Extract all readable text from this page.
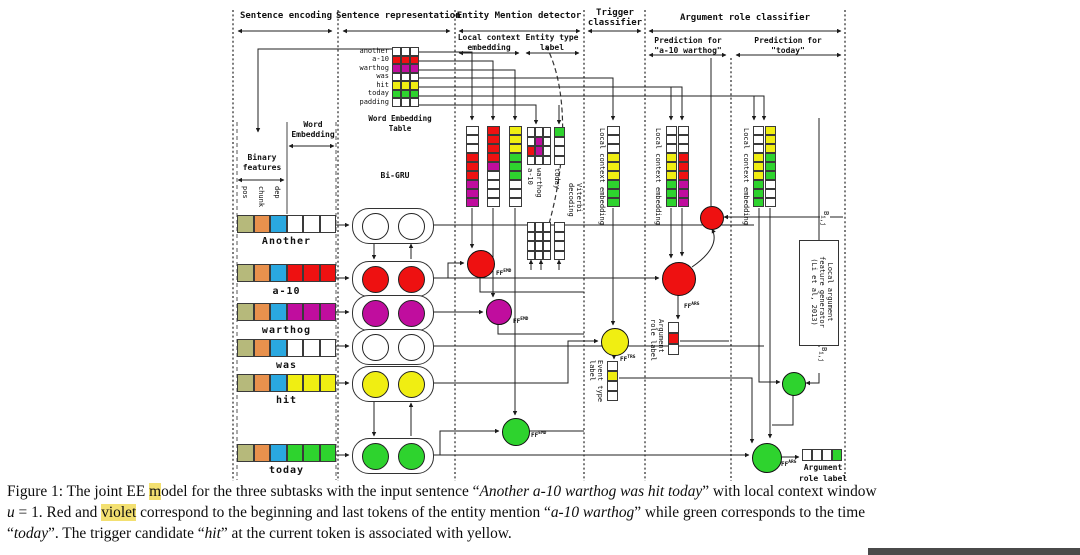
Sentence encoding Sentence representation
Entity Mention detector	Trigger
classifier	Argument role classifier
Local context
embedding
Entity type
label
Prediction for
"a-10 warthog"
Prediction for
"today"
Word
Embedding
Binary
features
pos chunk dep
Another
a-10
warthog
was
hit
today
another
a-10
warthog
was
hit
today
padding
Word Embedding
Table
Bi-GRU	a-10 warthog today
Viterbi
decoding
$FF^{EMD}$
$FF^{EMD}$
$FF^{EMD}$
Local context embedding
$FF^{TRG}$
Event type
label
Local context embedding
$FF^{ARG}$
Argument
role label
Local context embedding	$B_{i,j}$
Local argument
feature generator
(Li et al, 2013)
$B_{i,j}$
$FF^{ARG}$
Argument
role label
Figure 1: The joint EE model for the three subtasks with the input sentence “Another a-10 warthog was hit today” with local context window
u = 1. Red and violet correspond to the beginning and last tokens of the entity mention “a-10 warthog” while green corresponds to the time
“today”. The trigger candidate “hit” at the current token is associated with yellow.
